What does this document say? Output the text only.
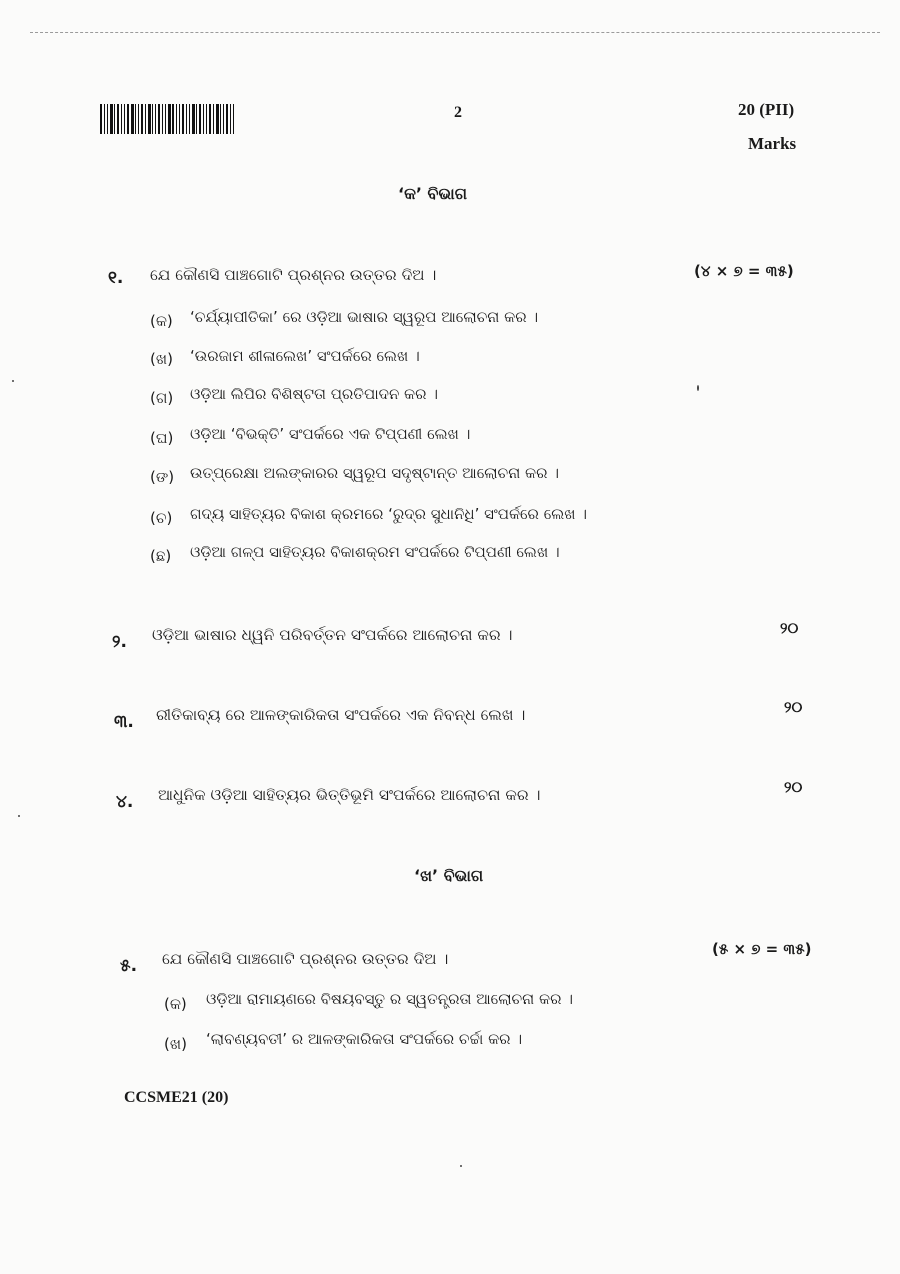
2	20 (PII)
Marks
‘କ’ ବିଭାଗ
୧. ଯେ କୌଣସି ପାଞ୍ଚଗୋଟି ପ୍ରଶ୍ନର ଉତ୍ତର ଦିଅ ।	(୪ × ୭ = ୩୫)
(କ) ‘ଚର୍ଯ୍ୟାପୀତିକା’ ରେ ଓଡ଼ିଆ ଭାଷାର ସ୍ୱରୂପ ଆଲୋଚନା କର ।
(ଖ) ‘ଉରଜାମ ଶୀଳାଲେଖ’ ସଂପର୍କରେ ଲେଖ ।
(ଗ) ଓଡ଼ିଆ ଲିପିର ବିଶିଷ୍ଟତା ପ୍ରତିପାଦନ କର ।
(ଘ) ଓଡ଼ିଆ ‘ବିଭକ୍ତି’ ସଂପର୍କରେ ଏକ ଟିପ୍‌ପଣୀ ଲେଖ ।
(ଙ) ଉତ୍‌ପ୍ରେକ୍ଷା ଅଲଙ୍କାରର ସ୍ୱରୂପ ସଦୃଷ୍ଟାନ୍ତ ଆଲୋଚନା କର ।
(ଚ) ଗଦ୍ୟ ସାହିତ୍ୟର ବିକାଶ କ୍ରମରେ ‘ରୁଦ୍ର ସୁଧାନିଧି’ ସଂପର୍କରେ ଲେଖ ।
(ଛ) ଓଡ଼ିଆ ଗଳ୍ପ ସାହିତ୍ୟର ବିକାଶକ୍ରମ ସଂପର୍କରେ ଟିପ୍‌ପଣୀ ଲେଖ ।
୨. ଓଡ଼ିଆ ଭାଷାର ଧ୍ୱନି ପରିବର୍ତ୍ତନ ସଂପର୍କରେ ଆଲୋଚନା କର ।	୨୦
୩. ରୀତିକାବ୍ୟ ରେ ଆଳଙ୍କାରିକତା ସଂପର୍କରେ ଏକ ନିବନ୍ଧ ଲେଖ ।	୨୦
୪. ଆଧୁନିକ ଓଡ଼ିଆ ସାହିତ୍ୟର ଭିତ୍ତିଭୂମି ସଂପର୍କରେ ଆଲୋଚନା କର ।	୨୦
‘ଖ’ ବିଭାଗ
୫. ଯେ କୌଣସି ପାଞ୍ଚଗୋଟି ପ୍ରଶ୍ନର ଉତ୍ତର ଦିଅ ।
(୫ × ୭ = ୩୫)
(କ) ଓଡ଼ିଆ ରାମାୟଣରେ ବିଷୟବସ୍ତୁ ର ସ୍ୱତନ୍ତ୍ରତା ଆଲୋଚନା କର ।
(ଖ) ‘ଲାବଣ୍ୟବତୀ’ ର ଆଳଙ୍କାରିକତା ସଂପର୍କରେ ଚର୍ଚ୍ଚା କର ।
CCSME21 (20)
